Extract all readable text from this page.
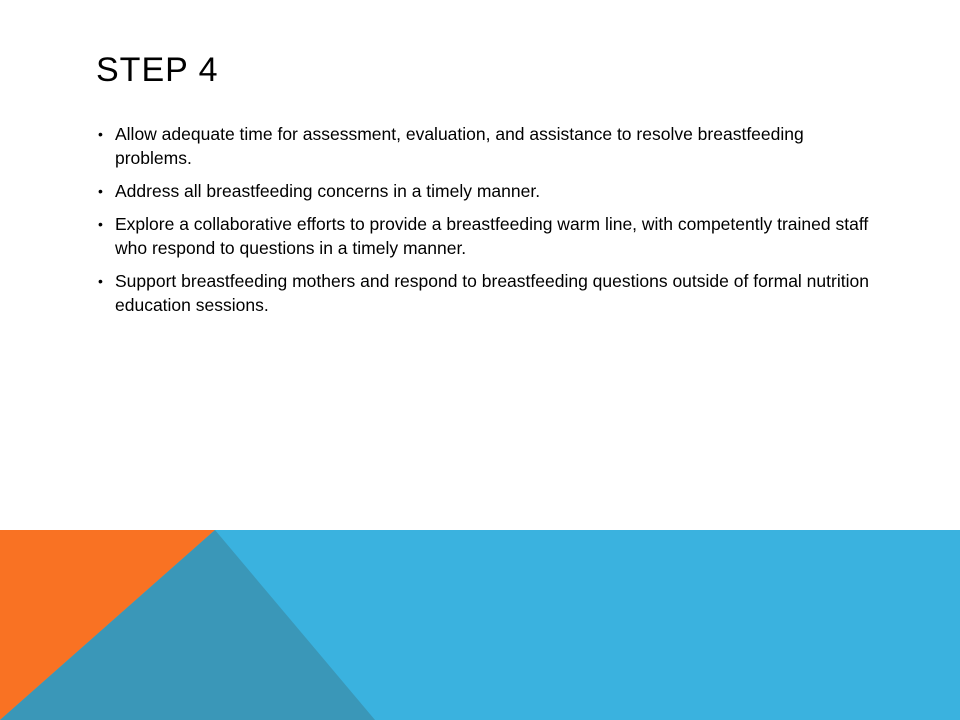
STEP 4
• Allow adequate time for assessment, evaluation, and assistance to resolve breastfeeding problems.
• Address all breastfeeding concerns in a timely manner.
• Explore a collaborative efforts to provide a breastfeeding warm line, with competently trained staff who respond to questions in a timely manner.
• Support breastfeeding mothers and respond to breastfeeding questions outside of formal nutrition education sessions.
